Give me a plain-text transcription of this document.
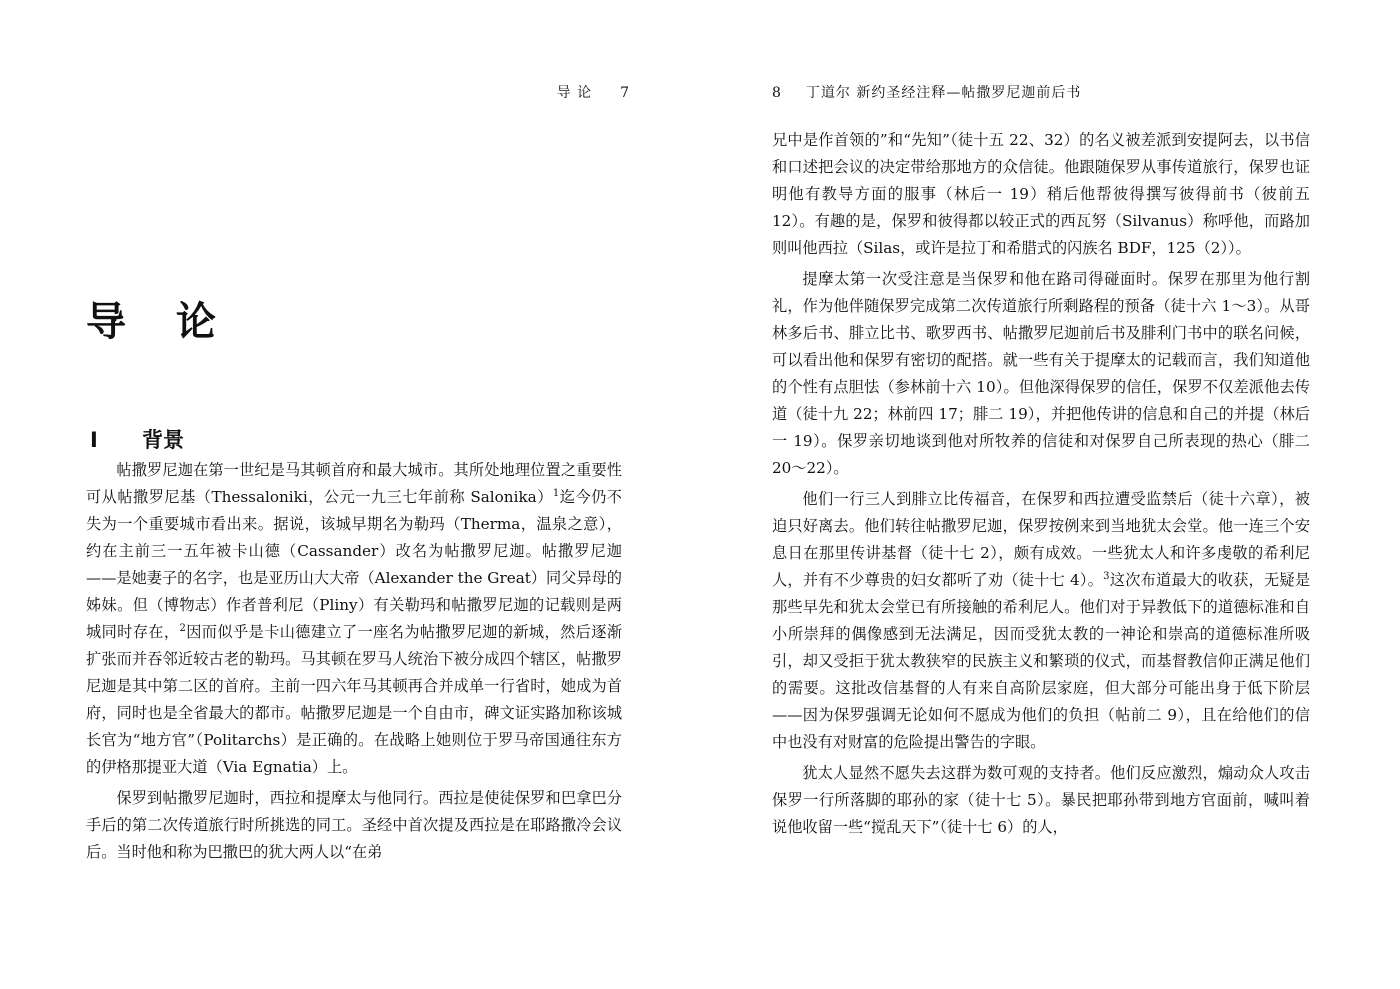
导 论 7
导 论
I 背景

帖撒罗尼迦在第一世纪是马其顿首府和最大城市。其所处地理位置之重要性可从帖撒罗尼基（Thessaloniki，公元一九三七年前称 Salonika）$^1$迄今仍不失为一个重要城市看出来。据说，该城早期名为勒玛（Therma，温泉之意），约在主前三一五年被卡山德（Cassander）改名为帖撒罗尼迦。帖撒罗尼迦——是她妻子的名字，也是亚历山大大帝（Alexander the Great）同父异母的姊妹。但（博物志）作者普利尼（Pliny）有关勒玛和帖撒罗尼迦的记载则是两城同时存在，$^2$因而似乎是卡山德建立了一座名为帖撒罗尼迦的新城，然后逐渐扩张而并吞邻近较古老的勒玛。马其顿在罗马人统治下被分成四个辖区，帖撒罗尼迦是其中第二区的首府。主前一四六年马其顿再合并成单一行省时，她成为首府，同时也是全省最大的都市。帖撒罗尼迦是一个自由市，碑文证实路加称该城长官为“地方官”（Politarchs）是正确的。在战略上她则位于罗马帝国通往东方的伊格那提亚大道（Via Egnatia）上。

保罗到帖撒罗尼迦时，西拉和提摩太与他同行。西拉是使徒保罗和巴拿巴分手后的第二次传道旅行时所挑选的同工。圣经中首次提及西拉是在耶路撒冷会议后。当时他和称为巴撒巴的犹大两人以“在弟

8 丁道尔 新约圣经注释—帖撒罗尼迦前后书

兄中是作首领的”和“先知”（徒十五 22、32）的名义被差派到安提阿去，以书信和口述把会议的决定带给那地方的众信徒。他跟随保罗从事传道旅行，保罗也证明他有教导方面的服事（林后一 19）稍后他帮彼得撰写彼得前书（彼前五 12）。有趣的是，保罗和彼得都以较正式的西瓦努（Silvanus）称呼他，而路加则叫他西拉（Silas，或许是拉丁和希腊式的闪族名 BDF，125（2））。

提摩太第一次受注意是当保罗和他在路司得碰面时。保罗在那里为他行割礼，作为他伴随保罗完成第二次传道旅行所剩路程的预备（徒十六 1～3）。从哥林多后书、腓立比书、歌罗西书、帖撒罗尼迦前后书及腓利门书中的联名问候，可以看出他和保罗有密切的配搭。就一些有关于提摩太的记载而言，我们知道他的个性有点胆怯（参林前十六 10）。但他深得保罗的信任，保罗不仅差派他去传道（徒十九 22；林前四 17；腓二 19），并把他传讲的信息和自己的并提（林后一 19）。保罗亲切地谈到他对所牧养的信徒和对保罗自己所表现的热心（腓二 20～22）。

他们一行三人到腓立比传福音，在保罗和西拉遭受监禁后（徒十六章），被迫只好离去。他们转往帖撒罗尼迦，保罗按例来到当地犹太会堂。他一连三个安息日在那里传讲基督（徒十七 2），颇有成效。一些犹太人和许多虔敬的希利尼人，并有不少尊贵的妇女都听了劝（徒十七 4）。$^3$这次布道最大的收获，无疑是那些早先和犹太会堂已有所接触的希利尼人。他们对于异教低下的道德标准和自小所崇拜的偶像感到无法满足，因而受犹太教的一神论和崇高的道德标准所吸引，却又受拒于犹太教狭窄的民族主义和繁琐的仪式，而基督教信仰正满足他们的需要。这批改信基督的人有来自高阶层家庭，但大部分可能出身于低下阶层——因为保罗强调无论如何不愿成为他们的负担（帖前二 9），且在给他们的信中也没有对财富的危险提出警告的字眼。

犹太人显然不愿失去这群为数可观的支持者。他们反应激烈，煽动众人攻击保罗一行所落脚的耶孙的家（徒十七 5）。暴民把耶孙带到地方官面前，喊叫着说他收留一些“搅乱天下”（徒十七 6）的人，
